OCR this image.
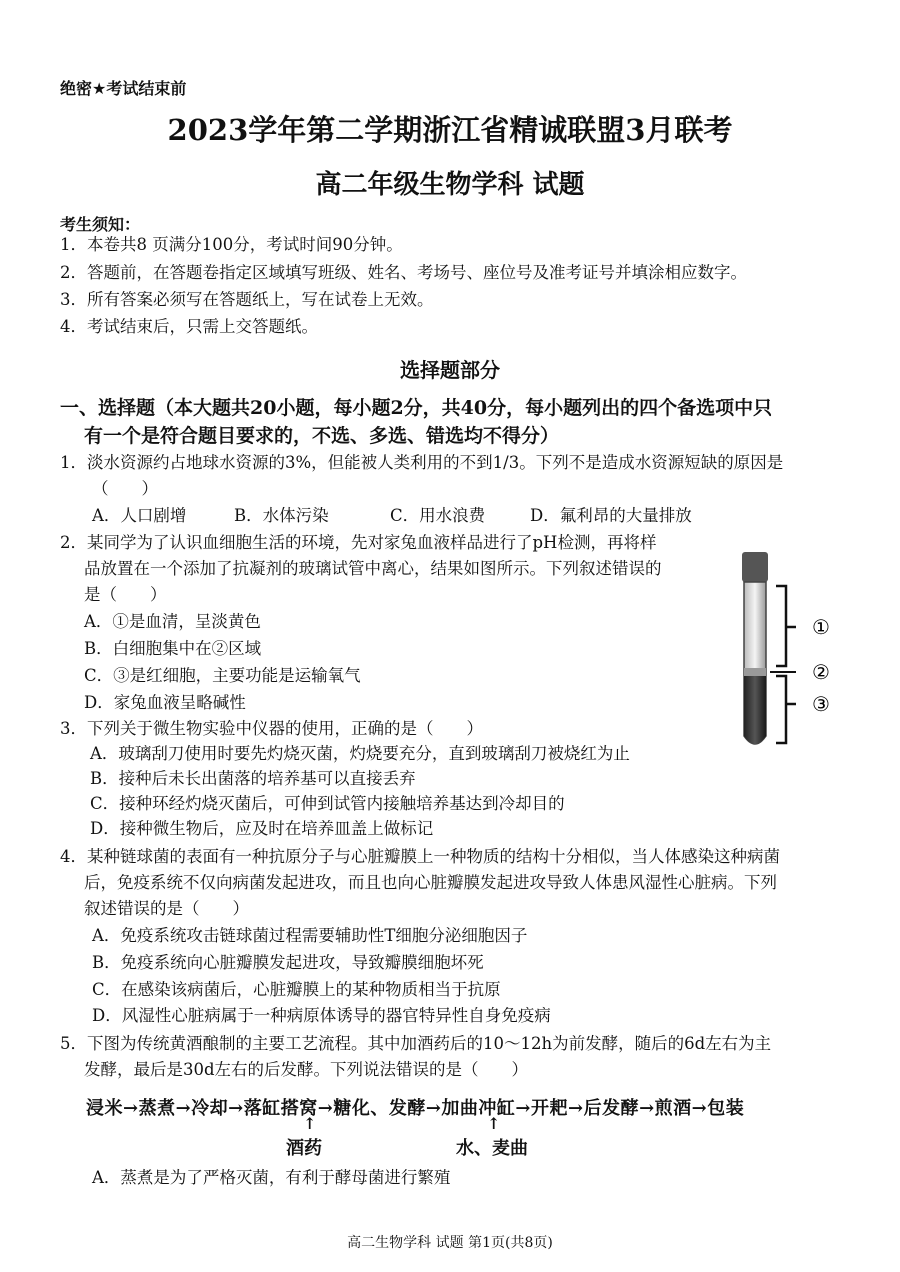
绝密★考试结束前
2023学年第二学期浙江省精诚联盟3月联考
高二年级生物学科 试题
考生须知：
1．本卷共8 页满分100分，考试时间90分钟。
2．答题前，在答题卷指定区域填写班级、姓名、考场号、座位号及准考证号并填涂相应数字。
3．所有答案必须写在答题纸上，写在试卷上无效。
4．考试结束后，只需上交答题纸。
选择题部分
一、选择题（本大题共20小题，每小题2分，共40分，每小题列出的四个备选项中只
有一个是符合题目要求的，不选、多选、错选均不得分）
1．淡水资源约占地球水资源的3%，但能被人类利用的不到1/3。下列不是造成水资源短缺的原因是
（　　）
A．人口剧增	B．水体污染	C．用水浪费	D．氟利昂的大量排放
2．某同学为了认识血细胞生活的环境，先对家兔血液样品进行了pH检测，再将样
品放置在一个添加了抗凝剂的玻璃试管中离心，结果如图所示。下列叙述错误的
是（　　）
A．①是血清，呈淡黄色
B．白细胞集中在②区域
C．③是红细胞，主要功能是运输氧气
D．家兔血液呈略碱性
①
②
③
3．下列关于微生物实验中仪器的使用，正确的是（　　）
A．玻璃刮刀使用时要先灼烧灭菌，灼烧要充分，直到玻璃刮刀被烧红为止
B．接种后未长出菌落的培养基可以直接丢弃
C．接种环经灼烧灭菌后，可伸到试管内接触培养基达到冷却目的
D．接种微生物后，应及时在培养皿盖上做标记
4．某种链球菌的表面有一种抗原分子与心脏瓣膜上一种物质的结构十分相似，当人体感染这种病菌
后，免疫系统不仅向病菌发起进攻，而且也向心脏瓣膜发起进攻导致人体患风湿性心脏病。下列
叙述错误的是（　　）
A．免疫系统攻击链球菌过程需要辅助性T细胞分泌细胞因子
B．免疫系统向心脏瓣膜发起进攻，导致瓣膜细胞坏死
C．在感染该病菌后，心脏瓣膜上的某种物质相当于抗原
D．风湿性心脏病属于一种病原体诱导的器官特异性自身免疫病
5．下图为传统黄酒酿制的主要工艺流程。其中加酒药后的10～12h为前发酵，随后的6d左右为主
发酵，最后是30d左右的后发酵。下列说法错误的是（　　）
浸米→蒸煮→冷却→落缸搭窝→糖化、发酵→加曲冲缸→开耙→后发酵→煎酒→包装
↑	↑
酒药	水、麦曲
A．蒸煮是为了严格灭菌，有利于酵母菌进行繁殖
高二生物学科 试题 第1页(共8页)
